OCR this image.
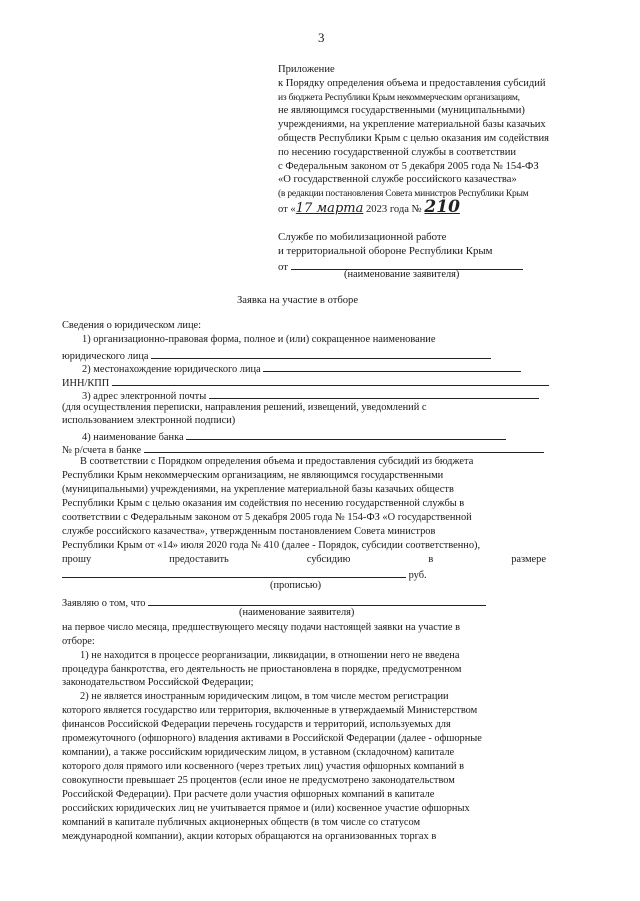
3
Приложение
к Порядку определения объема и предоставления субсидий
из бюджета Республики Крым некоммерческим организациям,
не являющимся государственными (муниципальными)
учреждениями, на укрепление материальной базы казачьих
обществ Республики Крым с целью оказания им содействия
по несению государственной службы в соответствии
с Федеральным законом от 5 декабря 2005 года № 154-ФЗ
«О государственной службе российского казачества»
(в редакции постановления Совета министров Республики Крым
от «17 марта 2023 года № 210
Службе по мобилизационной работе
и территориальной обороне Республики Крым
от
(наименование заявителя)
Заявка на участие в отборе
Сведения о юридическом лице:
1) организационно-правовая форма, полное и (или) сокращенное наименование
юридического лица
2) местонахождение юридического лица
ИНН/КПП
3) адрес электронной почты
(для осуществления переписки, направления решений, извещений, уведомлений с
использованием электронной подписи)
4) наименование банка
№ р/счета в банке
В соответствии с Порядком определения объема и предоставления субсидий из бюджета
Республики Крым некоммерческим организациям, не являющимся государственными
(муниципальными) учреждениями, на укрепление материальной базы казачьих обществ
Республики Крым с целью оказания им содействия по несению государственной службы в
соответствии с Федеральным законом от 5 декабря 2005 года № 154-ФЗ «О государственной
службе российского казачества», утвержденным постановлением Совета министров
Республики Крым от «14» июля 2020 года № 410 (далее - Порядок, субсидии соответственно),
прошу	предоставить	субсидию	в	размере
руб.
(прописью)
Заявляю о том, что
(наименование заявителя)
на первое число месяца, предшествующего месяцу подачи настоящей заявки на участие в
отборе:
1) не находится в процессе реорганизации, ликвидации, в отношении него не введена
процедура банкротства, его деятельность не приостановлена в порядке, предусмотренном
законодательством Российской Федерации;
2) не является иностранным юридическим лицом, в том числе местом регистрации
которого является государство или территория, включенные в утверждаемый Министерством
финансов Российской Федерации перечень государств и территорий, используемых для
промежуточного (офшорного) владения активами в Российской Федерации (далее - офшорные
компании), а также российским юридическим лицом, в уставном (складочном) капитале
которого доля прямого или косвенного (через третьих лиц) участия офшорных компаний в
совокупности превышает 25 процентов (если иное не предусмотрено законодательством
Российской Федерации). При расчете доли участия офшорных компаний в капитале
российских юридических лиц не учитывается прямое и (или) косвенное участие офшорных
компаний в капитале публичных акционерных обществ (в том числе со статусом
международной компании), акции которых обращаются на организованных торгах в
